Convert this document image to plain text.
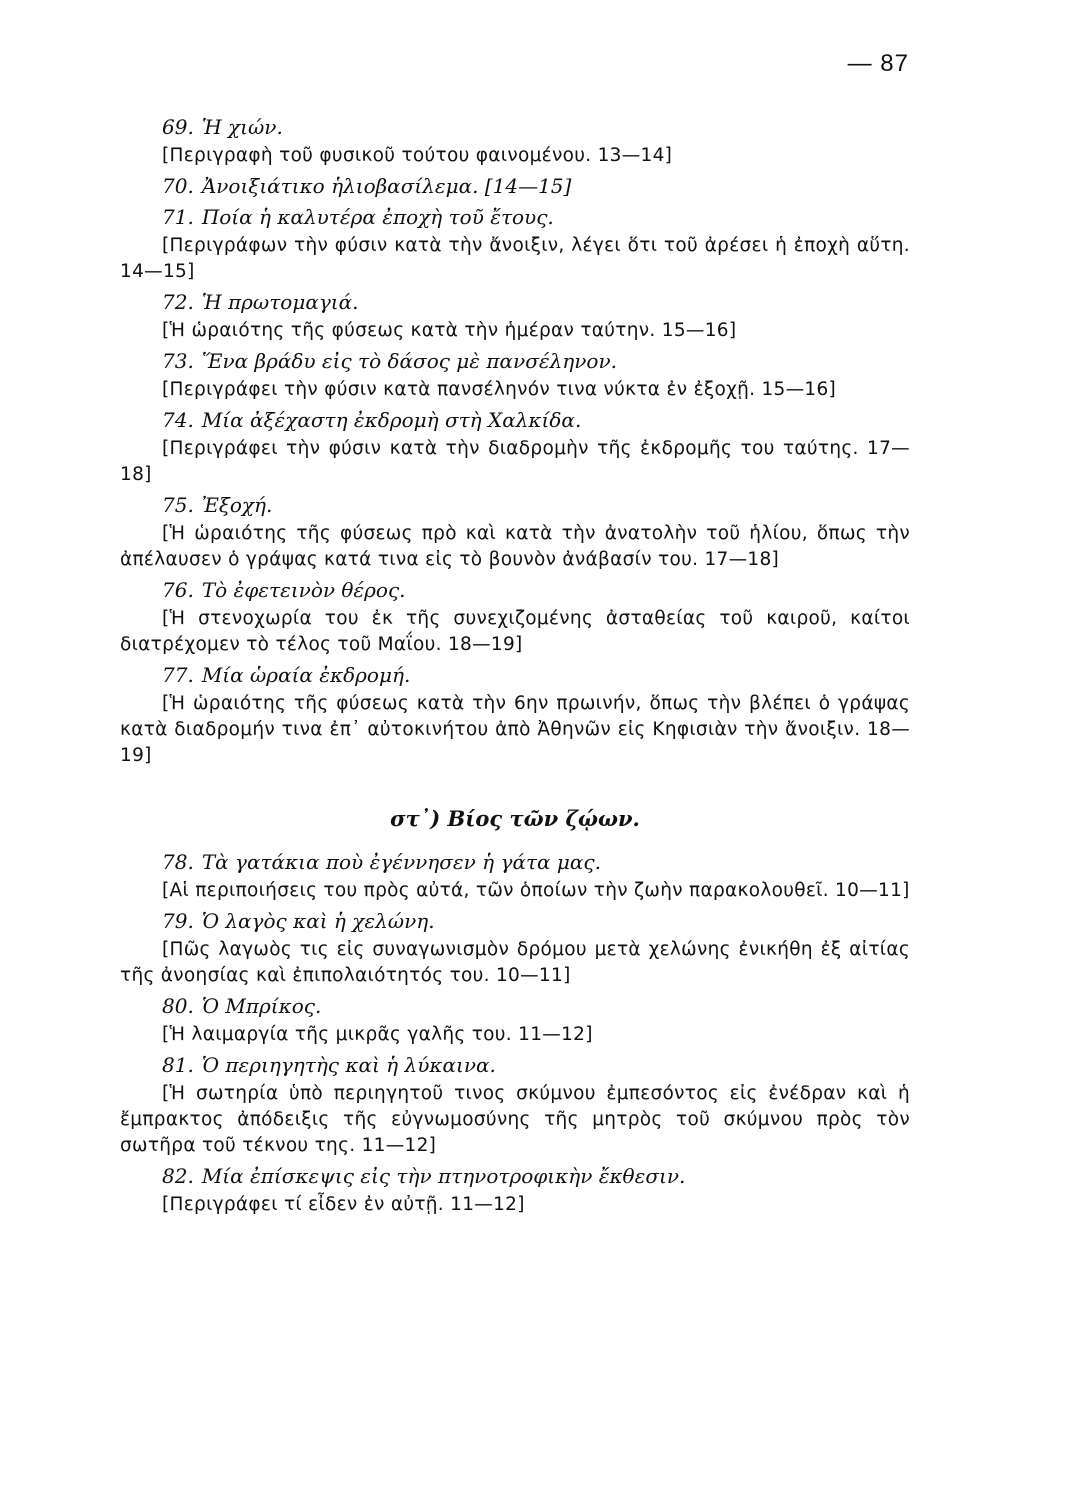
— 87

69. Ἡ χιών.

[Περιγραφὴ τοῦ φυσικοῦ τούτου φαινομένου. 13—14]

70. Ἀνοιξιάτικο ἡλιοβασίλεμα. [14—15]

71. Ποία ἡ καλυτέρα ἐποχὴ τοῦ ἔτους.

[Περιγράφων τὴν φύσιν κατὰ τὴν ἄνοιξιν, λέγει ὅτι τοῦ ἀρέσει ἡ ἐποχὴ αὕτη. 14—15]

72. Ἡ πρωτομαγιά.

[Ἡ ὡραιότης τῆς φύσεως κατὰ τὴν ἡμέραν ταύτην. 15—16]

73. Ἕνα βράδυ εἰς τὸ δάσος μὲ πανσέληνον.

[Περιγράφει τὴν φύσιν κατὰ πανσέληνόν τινα νύκτα ἐν ἐξοχῇ. 15—16]

74. Μία ἀξέχαστη ἐκδρομὴ στὴ Χαλκίδα.

[Περιγράφει τὴν φύσιν κατὰ τὴν διαδρομὴν τῆς ἐκδρομῆς του ταύτης. 17—18]

75. Ἐξοχή.

[Ἡ ὡραιότης τῆς φύσεως πρὸ καὶ κατὰ τὴν ἀνατολὴν τοῦ ἡλίου, ὅπως τὴν ἀπέλαυσεν ὁ γράψας κατά τινα εἰς τὸ βουνὸν ἀνάβασίν του. 17—18]

76. Τὸ ἐφετεινὸν θέρος.

[Ἡ στενοχωρία του ἐκ τῆς συνεχιζομένης ἀσταθείας τοῦ καιροῦ, καίτοι διατρέχομεν τὸ τέλος τοῦ Μαΐου. 18—19]

77. Μία ὡραία ἐκδρομή.

[Ἡ ὡραιότης τῆς φύσεως κατὰ τὴν 6ην πρωινήν, ὅπως τὴν βλέπει ὁ γράψας κατὰ διαδρομήν τινα ἐπ᾽ αὐτοκινήτου ἀπὸ Ἀθηνῶν εἰς Κηφισιὰν τὴν ἄνοιξιν. 18—19]

στ᾽) Βίος τῶν ζῴων.

78. Τὰ γατάκια ποὺ ἐγέννησεν ἡ γάτα μας.

[Αἱ περιποιήσεις του πρὸς αὐτά, τῶν ὁποίων τὴν ζωὴν παρακολουθεῖ. 10—11]

79. Ὁ λαγὸς καὶ ἡ χελώνη.

[Πῶς λαγωὸς τις εἰς συναγωνισμὸν δρόμου μετὰ χελώνης ἐνικήθη ἐξ αἰτίας τῆς ἀνοησίας καὶ ἐπιπολαιότητός του. 10—11]

80. Ὁ Μπρίκος.

[Ἡ λαιμαργία τῆς μικρᾶς γαλῆς του. 11—12]

81. Ὁ περιηγητὴς καὶ ἡ λύκαινα.

[Ἡ σωτηρία ὑπὸ περιηγητοῦ τινος σκύμνου ἐμπεσόντος εἰς ἐνέδραν καὶ ἡ ἔμπρακτος ἀπόδειξις τῆς εὐγνωμοσύνης τῆς μητρὸς τοῦ σκύμνου πρὸς τὸν σωτῆρα τοῦ τέκνου της. 11—12]

82. Μία ἐπίσκεψις εἰς τὴν πτηνοτροφικὴν ἔκθεσιν.

[Περιγράφει τί εἶδεν ἐν αὐτῇ. 11—12]
